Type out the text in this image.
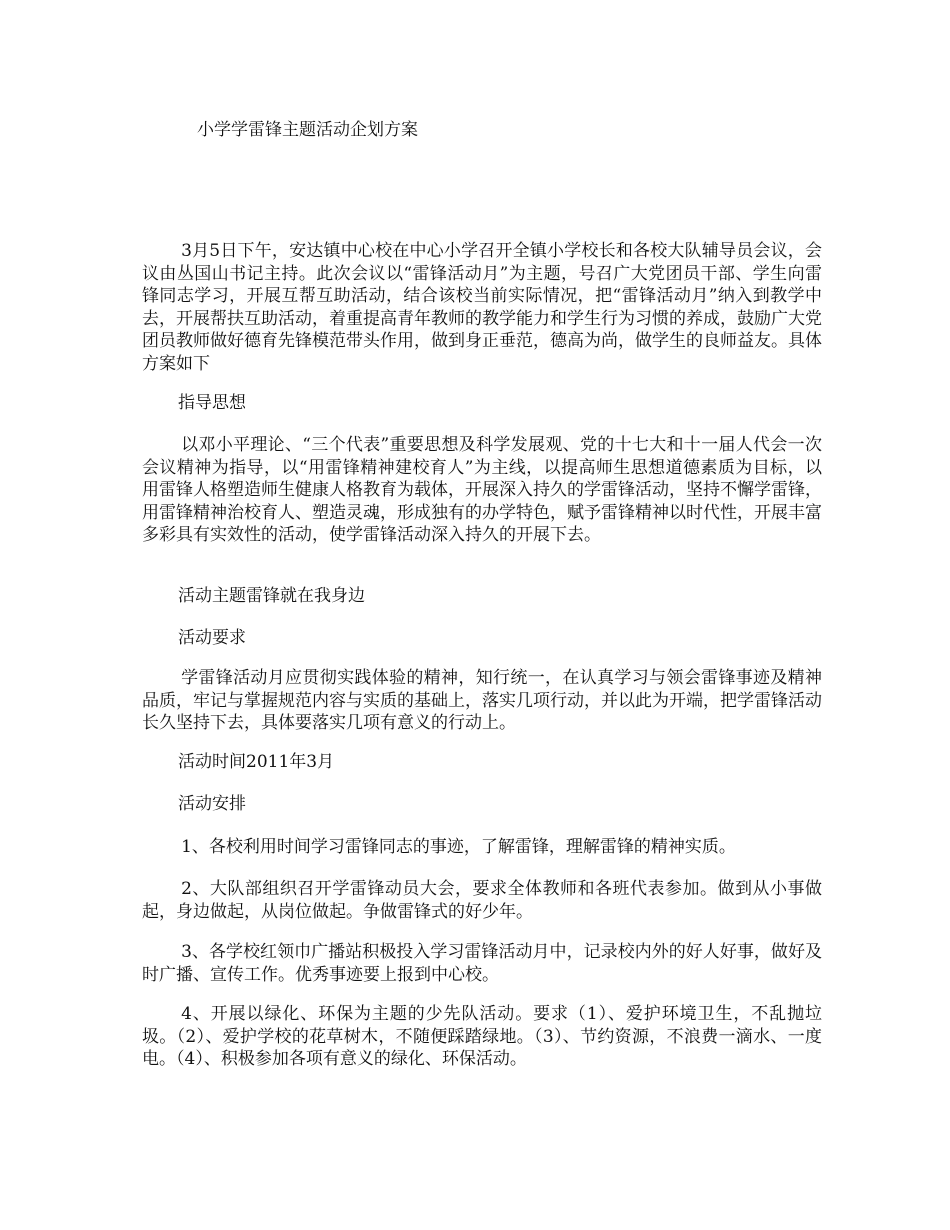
小学学雷锋主题活动企划方案

3月5日下午，安达镇中心校在中心小学召开全镇小学校长和各校大队辅导员会议，会议由丛国山书记主持。此次会议以“雷锋活动月”为主题，号召广大党团员干部、学生向雷锋同志学习，开展互帮互助活动，结合该校当前实际情况，把“雷锋活动月”纳入到教学中去，开展帮扶互助活动，着重提高青年教师的教学能力和学生行为习惯的养成，鼓励广大党团员教师做好德育先锋模范带头作用，做到身正垂范，德高为尚，做学生的良师益友。具体方案如下

指导思想

以邓小平理论、“三个代表”重要思想及科学发展观、党的十七大和十一届人代会一次会议精神为指导，以“用雷锋精神建校育人”为主线，以提高师生思想道德素质为目标，以用雷锋人格塑造师生健康人格教育为载体，开展深入持久的学雷锋活动，坚持不懈学雷锋，用雷锋精神治校育人、塑造灵魂，形成独有的办学特色，赋予雷锋精神以时代性，开展丰富多彩具有实效性的活动，使学雷锋活动深入持久的开展下去。

活动主题雷锋就在我身边

活动要求

学雷锋活动月应贯彻实践体验的精神，知行统一，在认真学习与领会雷锋事迹及精神品质，牢记与掌握规范内容与实质的基础上，落实几项行动，并以此为开端，把学雷锋活动长久坚持下去，具体要落实几项有意义的行动上。

活动时间2011年3月

活动安排

1、各校利用时间学习雷锋同志的事迹，了解雷锋，理解雷锋的精神实质。

2、大队部组织召开学雷锋动员大会，要求全体教师和各班代表参加。做到从小事做起，身边做起，从岗位做起。争做雷锋式的好少年。

3、各学校红领巾广播站积极投入学习雷锋活动月中，记录校内外的好人好事，做好及时广播、宣传工作。优秀事迹要上报到中心校。

4、开展以绿化、环保为主题的少先队活动。要求（1）、爱护环境卫生，不乱抛垃圾。（2）、爱护学校的花草树木，不随便踩踏绿地。（3）、节约资源，不浪费一滴水、一度电。（4）、积极参加各项有意义的绿化、环保活动。
